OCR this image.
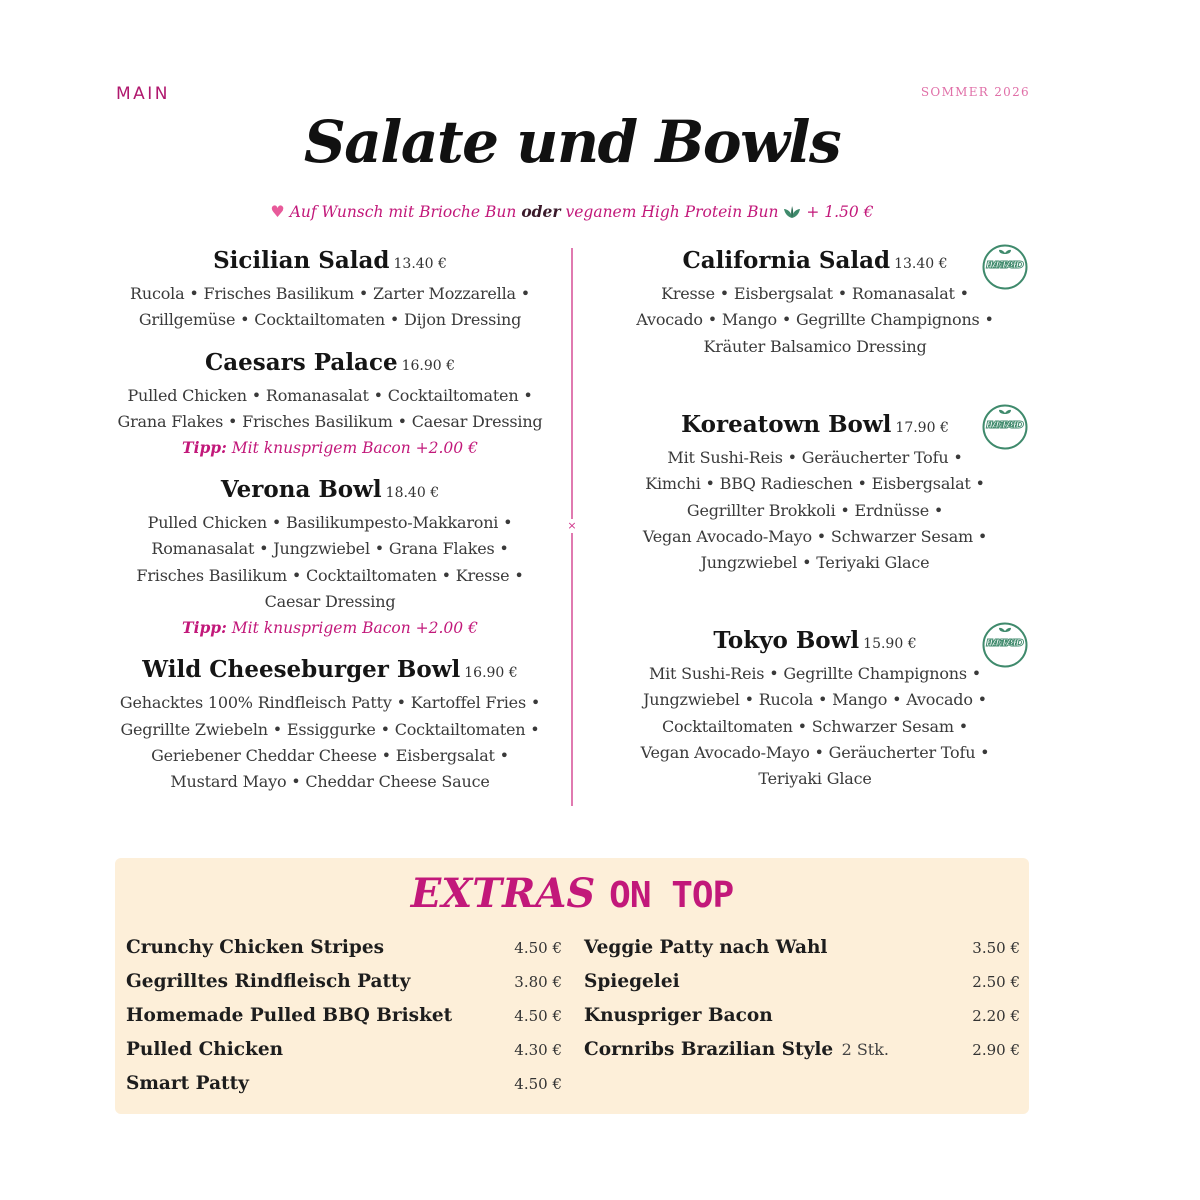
MAIN	SOMMER 2026
Salate und Bowls
♥ Auf Wunsch mit Brioche Bun oder veganem High Protein Bun + 1.50 €
Sicilian Salad 13.40 €
Rucola • Frisches Basilikum • Zarter Mozzarella •
Grillgemüse • Cocktailtomaten • Dijon Dressing
Caesars Palace 16.90 €
Pulled Chicken • Romanasalat • Cocktailtomaten •
Grana Flakes • Frisches Basilikum • Caesar Dressing
Tipp: Mit knusprigem Bacon +2.00 €
Verona Bowl 18.40 €
Pulled Chicken • Basilikumpesto-Makkaroni •
Romanasalat • Jungzwiebel • Grana Flakes •
Frisches Basilikum • Cocktailtomaten • Kresse •
Caesar Dressing
Tipp: Mit knusprigem Bacon +2.00 €
Wild Cheeseburger Bowl 16.90 €
Gehacktes 100% Rindfleisch Patty • Kartoffel Fries •
Gegrillte Zwiebeln • Essiggurke • Cocktailtomaten •
Geriebener Cheddar Cheese • Eisbergsalat •
Mustard Mayo • Cheddar Cheese Sauce
×
California Salad 13.40 €
Kresse • Eisbergsalat • Romanasalat •
Avocado • Mango • Gegrillte Champignons •
Kräuter Balsamico Dressing
Koreatown Bowl 17.90 €
Mit Sushi-Reis • Geräucherter Tofu •
Kimchi • BBQ Radieschen • Eisbergsalat •
Gegrillter Brokkoli • Erdnüsse •
Vegan Avocado-Mayo • Schwarzer Sesam •
Jungzwiebel • Teriyaki Glace
Tokyo Bowl 15.90 €
Mit Sushi-Reis • Gegrillte Champignons •
Jungzwiebel • Rucola • Mango • Avocado •
Cocktailtomaten • Schwarzer Sesam •
Vegan Avocado-Mayo • Geräucherter Tofu •
Teriyaki Glace
PLANT BASED
PLANT BASED
PLANT BASED
EXTRAS ON TOP
Crunchy Chicken Stripes	4.50 €
Gegrilltes Rindfleisch Patty	3.80 €
Homemade Pulled BBQ Brisket	4.50 €
Pulled Chicken	4.30 €
Smart Patty	4.50 €
Veggie Patty nach Wahl	3.50 €
Spiegelei	2.50 €
Knuspriger Bacon	2.20 €
Cornribs Brazilian Style 2 Stk.	2.90 €
